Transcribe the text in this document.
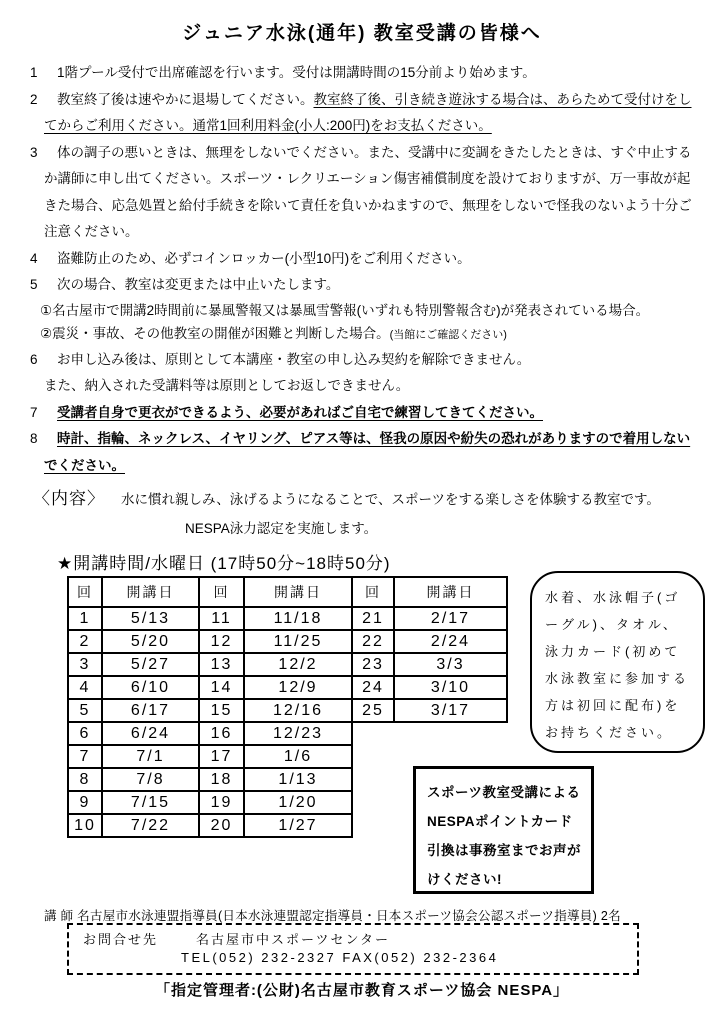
ジュニア水泳(通年) 教室受講の皆様へ
1	1階プール受付で出席確認を行います。受付は開講時間の15分前より始めます。

2	教室終了後は速やかに退場してください。教室終了後、引き続き遊泳する場合は、あらためて受付けをしてからご利用ください。通常1回利用料金(小人:200円)をお支払ください。

3	体の調子の悪いときは、無理をしないでください。また、受講中に変調をきたしたときは、すぐ中止するか講師に申し出てください。スポーツ・レクリエーション傷害補償制度を設けておりますが、万一事故が起きた場合、応急処置と給付手続きを除いて責任を負いかねますので、無理をしないで怪我のないよう十分ご注意ください。

4	盗難防止のため、必ずコインロッカー(小型10円)をご利用ください。

5	次の場合、教室は変更または中止いたします。

①名古屋市で開講2時間前に暴風警報又は暴風雪警報(いずれも特別警報含む)が発表されている場合。
②震災・事故、その他教室の開催が困難と判断した場合。(当館にご確認ください)
6	お申し込み後は、原則として本講座・教室の申し込み契約を解除できません。
また、納入された受講料等は原則としてお返しできません。

7	受講者自身で更衣ができるよう、必要があればご自宅で練習してきてください。

8	時計、指輪、ネックレス、イヤリング、ピアス等は、怪我の原因や紛失の恐れがありますので着用しないでください。

〈内容〉 水に慣れ親しみ、泳げるようになることで、スポーツをする楽しさを体験する教室です。
NESPA泳力認定を実施します。
★開講時間/水曜日 (17時50分~18時50分)
回	開講日	回	開講日	回	開講日
1	5/13	11	11/18	21	2/17
2	5/20	12	11/25	22	2/24
3	5/27	13	12/2	23	3/3
4	6/10	14	12/9	24	3/10
5	6/17	15	12/16	25	3/17
6	6/24	16	12/23		
7	7/1	17	1/6		
8	7/8	18	1/13		
9	7/15	19	1/20		
10	7/22	20	1/27		
水着、水泳帽子(ゴーグル)、タオル、泳力カード(初めて水泳教室に参加する方は初回に配布)をお持ちください。
スポーツ教室受講によるNESPAポイントカード引換は事務室までお声がけください!
講 師 名古屋市水泳連盟指導員(日本水泳連盟認定指導員・日本スポーツ協会公認スポーツ指導員) 2名
お問合せ先	名古屋市中スポーツセンター
TEL(052) 232-2327 FAX(052) 232-2364
「指定管理者:(公財)名古屋市教育スポーツ協会 NESPA」
